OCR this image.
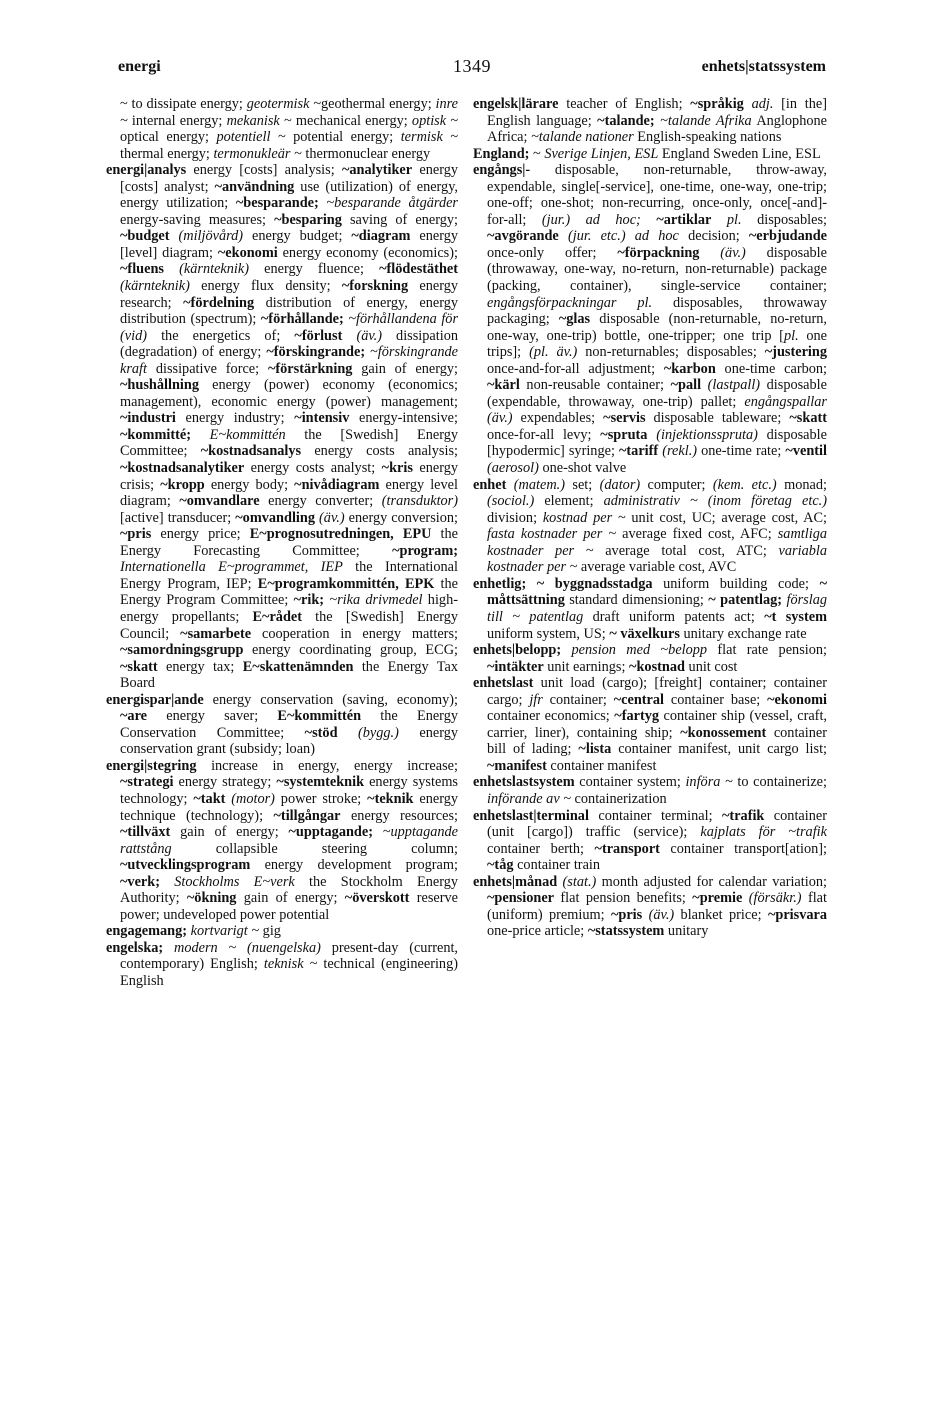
energi	1349	enhets|statssystem

~ to dissipate energy; geotermisk ~geothermal energy; inre ~ internal energy; mekanisk ~ mechanical energy; optisk ~ optical energy; potentiell ~ potential energy; termisk ~ thermal energy; termonukleär ~ thermonuclear energy

energi|analys energy [costs] analysis; ~analytiker energy [costs] analyst; ~användning use (utilization) of energy, energy utilization; ~besparande; ~besparande åtgärder energy-saving measures; ~besparing saving of energy; ~budget (miljövård) energy budget; ~diagram energy [level] diagram; ~ekonomi energy economy (economics); ~fluens (kärnteknik) energy fluence; ~flödestäthet (kärnteknik) energy flux density; ~forskning energy research; ~fördelning distribution of energy, energy distribution (spectrum); ~förhållande; ~förhållandena för (vid) the energetics of; ~förlust (äv.) dissipation (degradation) of energy; ~förskingrande; ~förskingrande kraft dissipative force; ~förstärkning gain of energy; ~hushållning energy (power) economy (economics; management), economic energy (power) management; ~industri energy industry; ~intensiv energy-intensive; ~kommitté; E~kommittén the [Swedish] Energy Committee; ~kostnadsanalys energy costs analysis; ~kostnadsanalytiker energy costs analyst; ~kris energy crisis; ~kropp energy body; ~nivådiagram energy level diagram; ~omvandlare energy converter; (transduktor) [active] transducer; ~omvandling (äv.) energy conversion; ~pris energy price; E~prognosutredningen, EPU the Energy Forecasting Committee; ~program; Internationella E~programmet, IEP the International Energy Program, IEP; E~programkommittén, EPK the Energy Program Committee; ~rik; ~rika drivmedel high-energy propellants; E~rådet the [Swedish] Energy Council; ~samarbete cooperation in energy matters; ~samordningsgrupp energy coordinating group, ECG; ~skatt energy tax; E~skattenämnden the Energy Tax Board

energispar|ande energy conservation (saving, economy); ~are energy saver; E~kommittén the Energy Conservation Committee; ~stöd (bygg.) energy conservation grant (subsidy; loan)

energi|stegring increase in energy, energy increase; ~strategi energy strategy; ~systemteknik energy systems technology; ~takt (motor) power stroke; ~teknik energy technique (technology); ~tillgångar energy resources; ~tillväxt gain of energy; ~upptagande; ~upptagande rattstång collapsible steering column; ~utvecklingsprogram energy development program; ~verk; Stockholms E~verk the Stockholm Energy Authority; ~ökning gain of energy; ~överskott reserve power; undeveloped power potential

engagemang; kortvarigt ~ gig

engelska; modern ~ (nuengelska) present-day (current, contemporary) English; teknisk ~ technical (engineering) English

engelsk|lärare teacher of English; ~språkig adj. [in the] English language; ~talande; ~talande Afrika Anglophone Africa; ~talande nationer English-speaking nations

England; ~ Sverige Linjen, ESL England Sweden Line, ESL

engångs|- disposable, non-returnable, throw-away, expendable, single[-service], one-time, one-way, one-trip; one-off; one-shot; non-recurring, once-only, once[-and]-for-all; (jur.) ad hoc; ~artiklar pl. disposables; ~avgörande (jur. etc.) ad hoc decision; ~erbjudande once-only offer; ~förpackning (äv.) disposable (throwaway, one-way, no-return, non-returnable) package (packing, container), single-service container; engångsförpackningar pl. disposables, throwaway packaging; ~glas disposable (non-returnable, no-return, one-way, one-trip) bottle, one-tripper; one trip [pl. one trips]; (pl. äv.) non-returnables; disposables; ~justering once-and-for-all adjustment; ~karbon one-time carbon; ~kärl non-reusable container; ~pall (lastpall) disposable (expendable, throwaway, one-trip) pallet; engångspallar (äv.) expendables; ~servis disposable tableware; ~skatt once-for-all levy; ~spruta (injektionsspruta) disposable [hypodermic] syringe; ~tariff (rekl.) one-time rate; ~ventil (aerosol) one-shot valve

enhet (matem.) set; (dator) computer; (kem. etc.) monad; (sociol.) element; administrativ ~ (inom företag etc.) division; kostnad per ~ unit cost, UC; average cost, AC; fasta kostnader per ~ average fixed cost, AFC; samtliga kostnader per ~ average total cost, ATC; variabla kostnader per ~ average variable cost, AVC

enhetlig; ~ byggnadsstadga uniform building code; ~ måttsättning standard dimensioning; ~ patentlag; förslag till ~ patentlag draft uniform patents act; ~t system uniform system, US; ~ växelkurs unitary exchange rate

enhets|belopp; pension med ~belopp flat rate pension; ~intäkter unit earnings; ~kostnad unit cost

enhetslast unit load (cargo); [freight] container; container cargo; jfr container; ~central container base; ~ekonomi container economics; ~fartyg container ship (vessel, craft, carrier, liner), containing ship; ~konossement container bill of lading; ~lista container manifest, unit cargo list; ~manifest container manifest

enhetslastsystem container system; införa ~ to containerize; införande av ~ containerization

enhetslast|terminal container terminal; ~trafik container (unit [cargo]) traffic (service); kajplats för ~trafik container berth; ~transport container transport[ation]; ~tåg container train

enhets|månad (stat.) month adjusted for calendar variation; ~pensioner flat pension benefits; ~premie (försäkr.) flat (uniform) premium; ~pris (äv.) blanket price; ~prisvara one-price article; ~statssystem unitary
